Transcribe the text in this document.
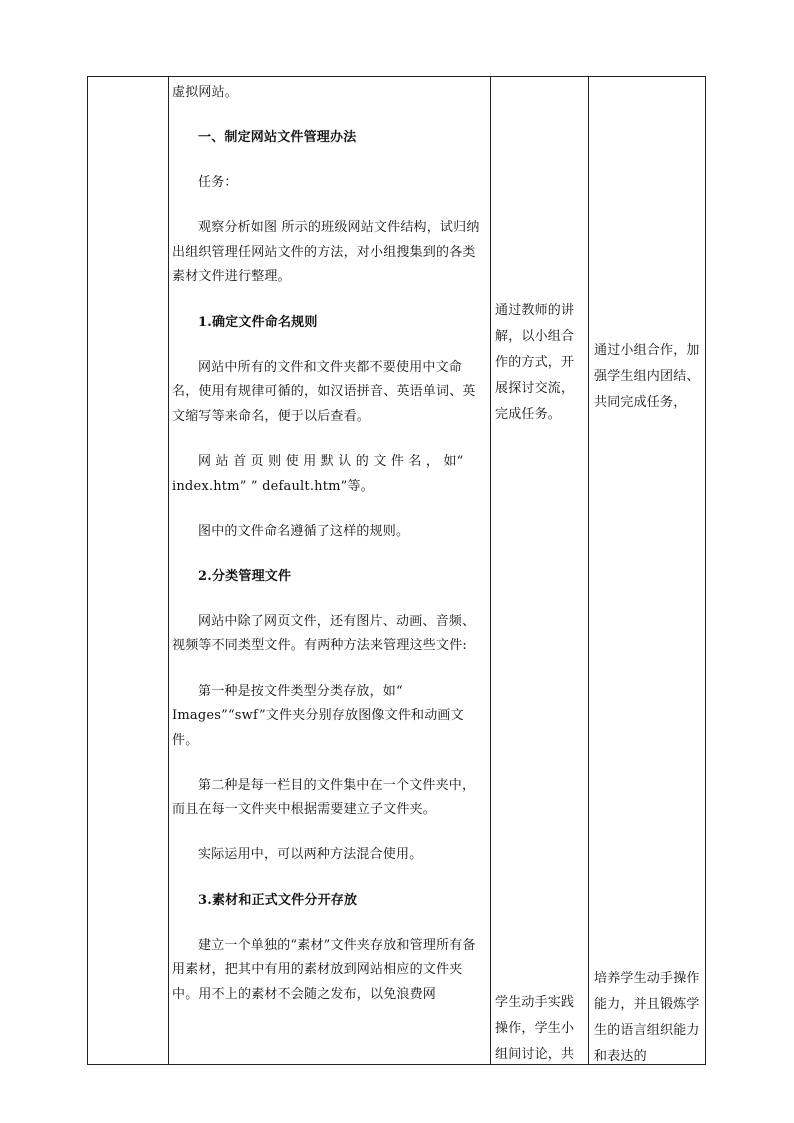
虚拟网站。

一、制定网站文件管理办法

任务：

观察分析如图 所示的班级网站文件结构，试归纳出组织管理任网站文件的方法，对小组搜集到的各类素材文件进行整理。

1.确定文件命名规则

网站中所有的文件和文件夹都不要使用中文命名，使用有规律可循的，如汉语拼音、英语单词、英文缩写等来命名，便于以后查看。

网 站 首 页 则 使 用 默 认 的 文 件 名 ， 如“ index.htm” ” default.htm”等。

图中的文件命名遵循了这样的规则。

2.分类管理文件

网站中除了网页文件，还有图片、动画、音频、视频等不同类型文件。有两种方法来管理这些文件:

第一种是按文件类型分类存放，如“ Images”“swf”文件夹分别存放图像文件和动画文件。

第二种是每一栏目的文件集中在一个文件夹中，而且在每一文件夹中根据需要建立子文件夹。

实际运用中，可以两种方法混合使用。

3.素材和正式文件分开存放

建立一个单独的“素材”文件夹存放和管理所有备用素材，把其中有用的素材放到网站相应的文件夹中。用不上的素材不会随之发布，以免浪费网

通过教师的讲解，以小组合作的方式，开展探讨交流，完成任务。
学生动手实践操作，学生小组间讨论，共
通过小组合作，加强学生组内团结、共同完成任务，
培养学生动手操作能力，并且锻炼学生的语言组织能力和表达的
